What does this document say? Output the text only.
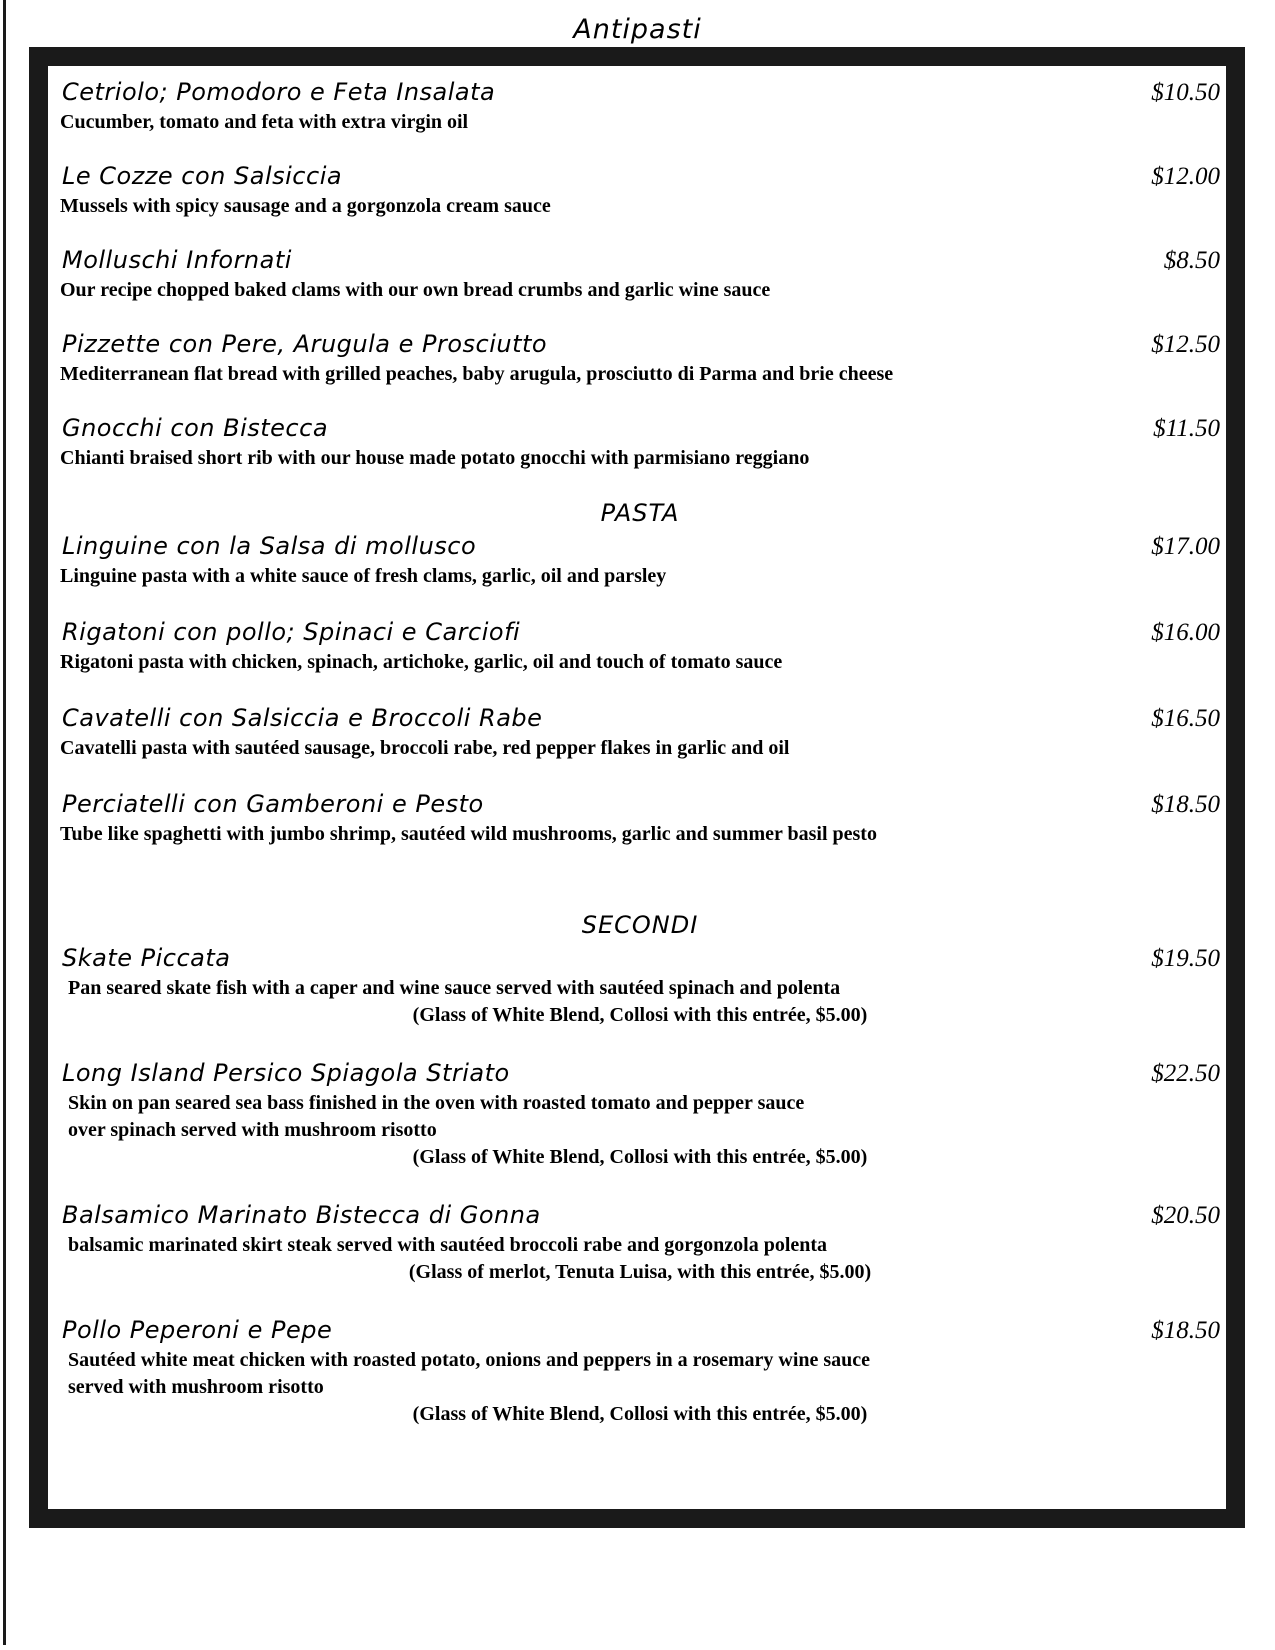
Antipasti
Cetriolo; Pomodoro e Feta Insalata	$10.50
Cucumber, tomato and feta with extra virgin oil
Le Cozze con Salsiccia	$12.00
Mussels with spicy sausage and a gorgonzola cream sauce
Molluschi Infornati	$8.50
Our recipe chopped baked clams with our own bread crumbs and garlic wine sauce
Pizzette con Pere, Arugula e Prosciutto	$12.50
Mediterranean flat bread with grilled peaches, baby arugula, prosciutto di Parma and brie cheese
Gnocchi con Bistecca	$11.50
Chianti braised short rib with our house made potato gnocchi with parmisiano reggiano
PASTA
Linguine con la Salsa di mollusco	$17.00
Linguine pasta with a white sauce of fresh clams, garlic, oil and parsley
Rigatoni con pollo; Spinaci e Carciofi	$16.00
Rigatoni pasta with chicken, spinach, artichoke, garlic, oil and touch of tomato sauce
Cavatelli con Salsiccia e Broccoli Rabe	$16.50
Cavatelli pasta with sautéed sausage, broccoli rabe, red pepper flakes in garlic and oil
Perciatelli con Gamberoni e Pesto	$18.50
Tube like spaghetti with jumbo shrimp, sautéed wild mushrooms, garlic and summer basil pesto
SECONDI
Skate Piccata	$19.50
Pan seared skate fish with a caper and wine sauce served with sautéed spinach and polenta
(Glass of White Blend, Collosi with this entrée, $5.00)
Long Island Persico Spiagola Striato	$22.50
Skin on pan seared sea bass finished in the oven with roasted tomato and pepper sauce
over spinach served with mushroom risotto
(Glass of White Blend, Collosi with this entrée, $5.00)
Balsamico Marinato Bistecca di Gonna	$20.50
balsamic marinated skirt steak served with sautéed broccoli rabe and gorgonzola polenta
(Glass of merlot, Tenuta Luisa, with this entrée, $5.00)
Pollo Peperoni e Pepe	$18.50
Sautéed white meat chicken with roasted potato, onions and peppers in a rosemary wine sauce
served with mushroom risotto
(Glass of White Blend, Collosi with this entrée, $5.00)
